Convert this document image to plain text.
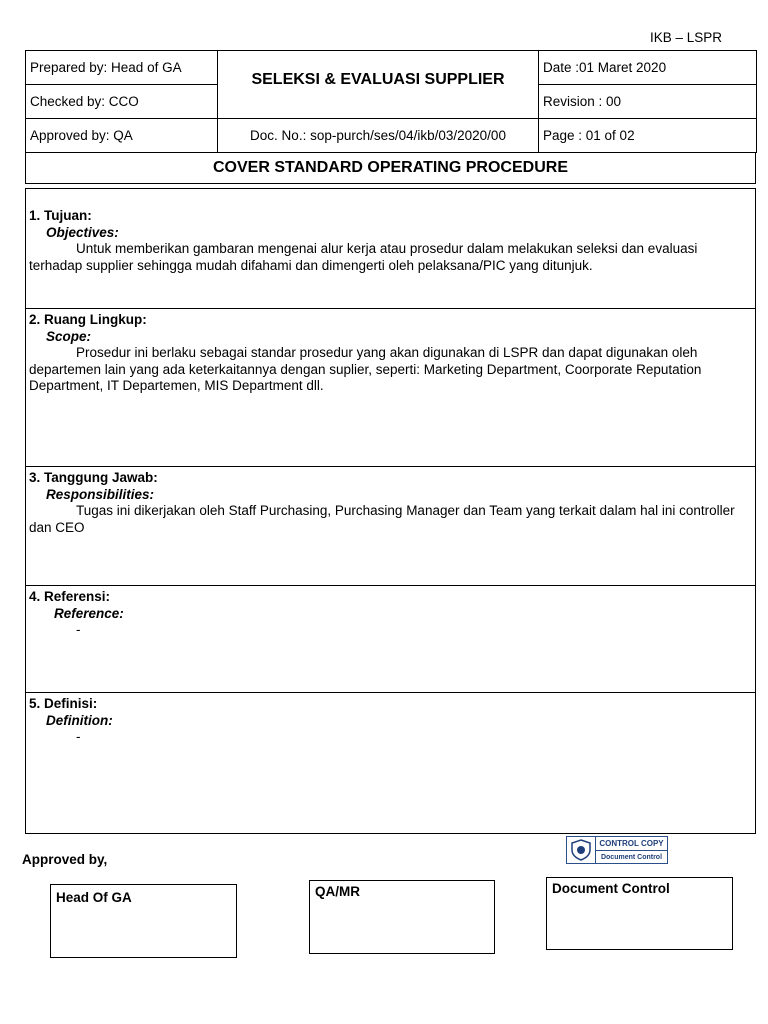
IKB – LSPR
Prepared by: Head of GA	SELEKSI & EVALUASI SUPPLIER	Date :01 Maret 2020
Checked by: CCO		Revision : 00
Approved by: QA	Doc. No.: sop-purch/ses/04/ikb/03/2020/00	Page : 01 of 02
COVER STANDARD OPERATING PROCEDURE
1. Tujuan:
Objectives:
Untuk memberikan gambaran mengenai alur kerja atau prosedur dalam melakukan seleksi dan evaluasi terhadap supplier sehingga mudah difahami dan dimengerti oleh pelaksana/PIC yang ditunjuk.
2. Ruang Lingkup:
Scope:
Prosedur ini berlaku sebagai standar prosedur yang akan digunakan di LSPR dan dapat digunakan oleh departemen lain yang ada keterkaitannya dengan suplier, seperti: Marketing Department, Coorporate Reputation Department, IT Departemen, MIS Department dll.
3. Tanggung Jawab:
Responsibilities:
Tugas ini dikerjakan oleh Staff Purchasing, Purchasing Manager dan Team yang terkait dalam hal ini controller dan CEO
4. Referensi:
Reference:
-
5. Definisi:
Definition:
-
Approved by,
CONTROL COPY
Document Control
Head Of GA	QA/MR	Document Control
